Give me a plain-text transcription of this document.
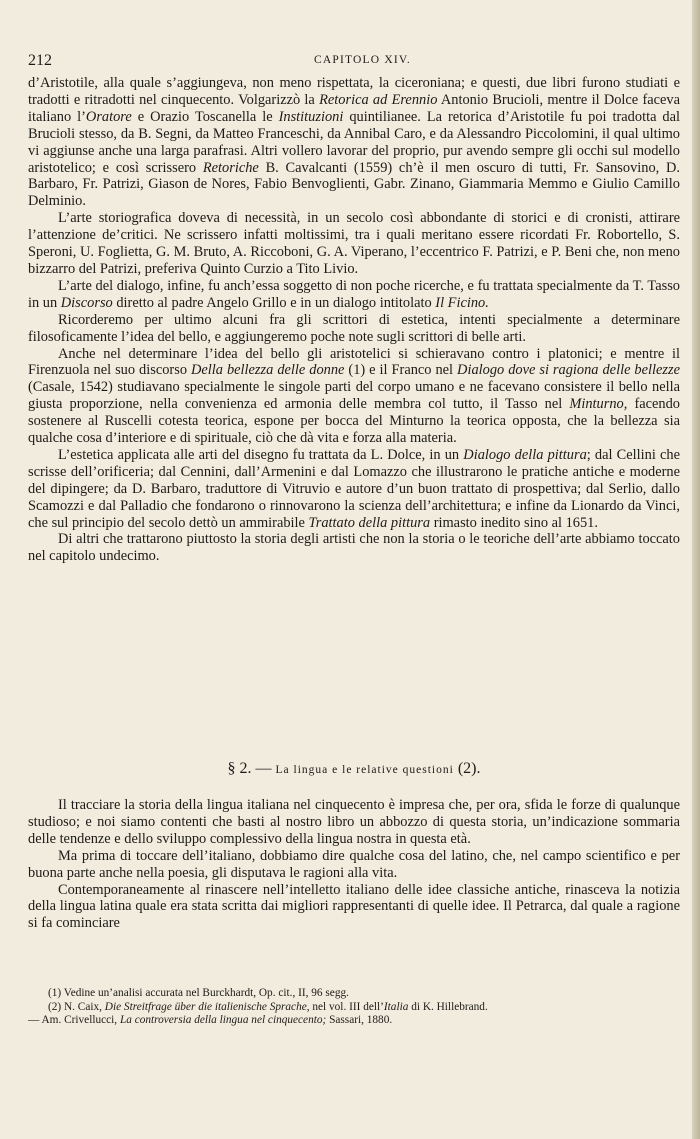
212	CAPITOLO XIV.

d’Aristotile, alla quale s’aggiungeva, non meno rispettata, la ciceroniana; e questi, due libri furono studiati e tradotti e ritradotti nel cinquecento. Volgarizzò la Retorica ad Erennio Antonio Brucioli, mentre il Dolce faceva italiano l’Oratore e Orazio Toscanella le Instituzioni quintilianee. La retorica d’Aristotile fu poi tradotta dal Brucioli stesso, da B. Segni, da Matteo Franceschi, da Annibal Caro, e da Alessandro Piccolomini, il qual ultimo vi aggiunse anche una larga parafrasi. Altri vollero lavorar del proprio, pur avendo sempre gli occhi sul modello aristotelico; e così scrissero Retoriche B. Cavalcanti (1559) ch’è il men oscuro di tutti, Fr. Sansovino, D. Barbaro, Fr. Patrizi, Giason de Nores, Fabio Benvoglienti, Gabr. Zinano, Giammaria Memmo e Giulio Camillo Delminio.

L’arte storiografica doveva di necessità, in un secolo così abbondante di storici e di cronisti, attirare l’attenzione de’critici. Ne scrissero infatti moltissimi, tra i quali meritano essere ricordati Fr. Robortello, S. Speroni, U. Foglietta, G. M. Bruto, A. Riccoboni, G. A. Viperano, l’eccentrico F. Patrizi, e P. Beni che, non meno bizzarro del Patrizi, preferiva Quinto Curzio a Tito Livio.

L’arte del dialogo, infine, fu anch’essa soggetto di non poche ricerche, e fu trattata specialmente da T. Tasso in un Discorso diretto al padre Angelo Grillo e in un dialogo intitolato Il Ficino.

Ricorderemo per ultimo alcuni fra gli scrittori di estetica, intenti specialmente a determinare filosoficamente l’idea del bello, e aggiungeremo poche note sugli scrittori di belle arti.

Anche nel determinare l’idea del bello gli aristotelici si schieravano contro i platonici; e mentre il Firenzuola nel suo discorso Della bellezza delle donne (1) e il Franco nel Dialogo dove si ragiona delle bellezze (Casale, 1542) studiavano specialmente le singole parti del corpo umano e ne facevano consistere il bello nella giusta proporzione, nella convenienza ed armonia delle membra col tutto, il Tasso nel Minturno, facendo sostenere al Ruscelli cotesta teorica, espone per bocca del Minturno la teorica opposta, che la bellezza sia qualche cosa d’interiore e di spirituale, ciò che dà vita e forza alla materia.

L’estetica applicata alle arti del disegno fu trattata da L. Dolce, in un Dialogo della pittura; dal Cellini che scrisse dell’orificeria; dal Cennini, dall’Armenini e dal Lomazzo che illustrarono le pratiche antiche e moderne del dipingere; da D. Barbaro, traduttore di Vitruvio e autore d’un buon trattato di prospettiva; dal Serlio, dallo Scamozzi e dal Palladio che fondarono o rinnovarono la scienza dell’architettura; e infine da Lionardo da Vinci, che sul principio del secolo dettò un ammirabile Trattato della pittura rimasto inedito sino al 1651.

Di altri che trattarono piuttosto la storia degli artisti che non la storia o le teoriche dell’arte abbiamo toccato nel capitolo undecimo.

§ 2. — La lingua e le relative questioni (2).

Il tracciare la storia della lingua italiana nel cinquecento è impresa che, per ora, sfida le forze di qualunque studioso; e noi siamo contenti che basti al nostro libro un abbozzo di questa storia, un’indicazione sommaria delle tendenze e dello sviluppo complessivo della lingua nostra in questa età.

Ma prima di toccare dell’italiano, dobbiamo dire qualche cosa del latino, che, nel campo scientifico e per buona parte anche nella poesia, gli disputava le ragioni alla vita.

Contemporaneamente al rinascere nell’intelletto italiano delle idee classiche antiche, rinasceva la notizia della lingua latina quale era stata scritta dai migliori rappresentanti di quelle idee. Il Petrarca, dal quale a ragione si fa cominciare

(1) Vedine un’analisi accurata nel Burckhardt, Op. cit., II, 96 segg.

(2) N. Caix, Die Streitfrage über die italienische Sprache, nel vol. III dell’Italia di K. Hillebrand.

— Am. Crivellucci, La controversia della lingua nel cinquecento; Sassari, 1880.
